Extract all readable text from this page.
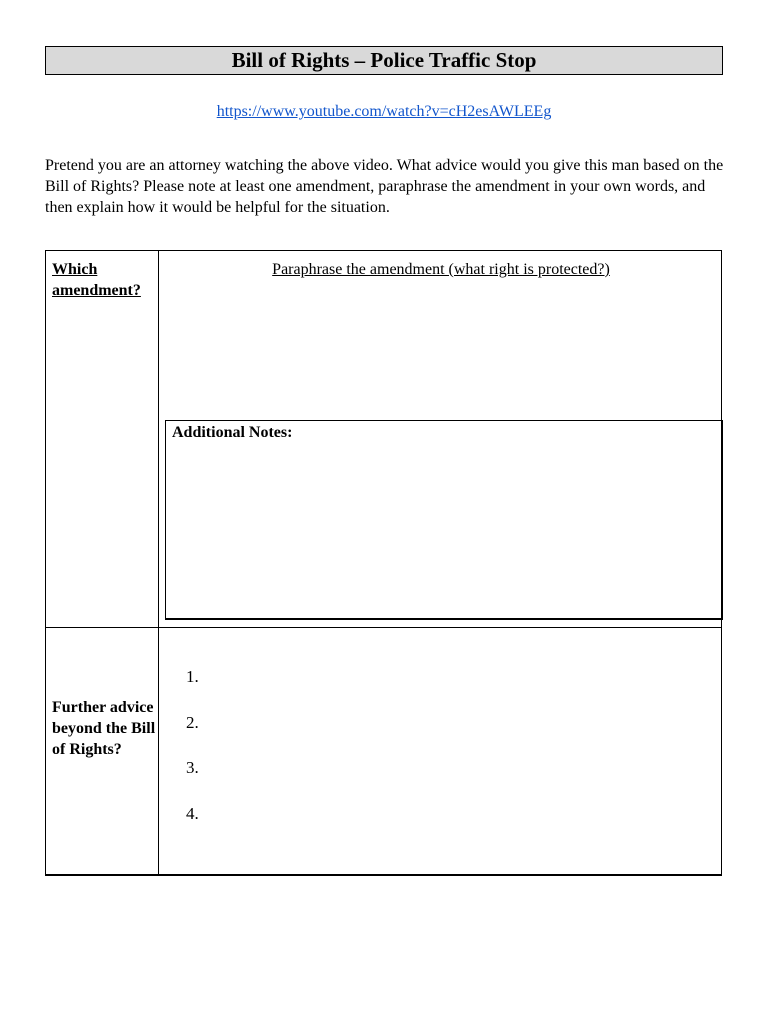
Bill of Rights – Police Traffic Stop
https://www.youtube.com/watch?v=cH2esAWLEEg
Pretend you are an attorney watching the above video. What advice would you give this man based on the Bill of Rights? Please note at least one amendment, paraphrase the amendment in your own words, and then explain how it would be helpful for the situation.
Which amendment?
Paraphrase the amendment (what right is protected?)
Additional Notes:
Further advice beyond the Bill of Rights?
1.
2.
3.
4.
